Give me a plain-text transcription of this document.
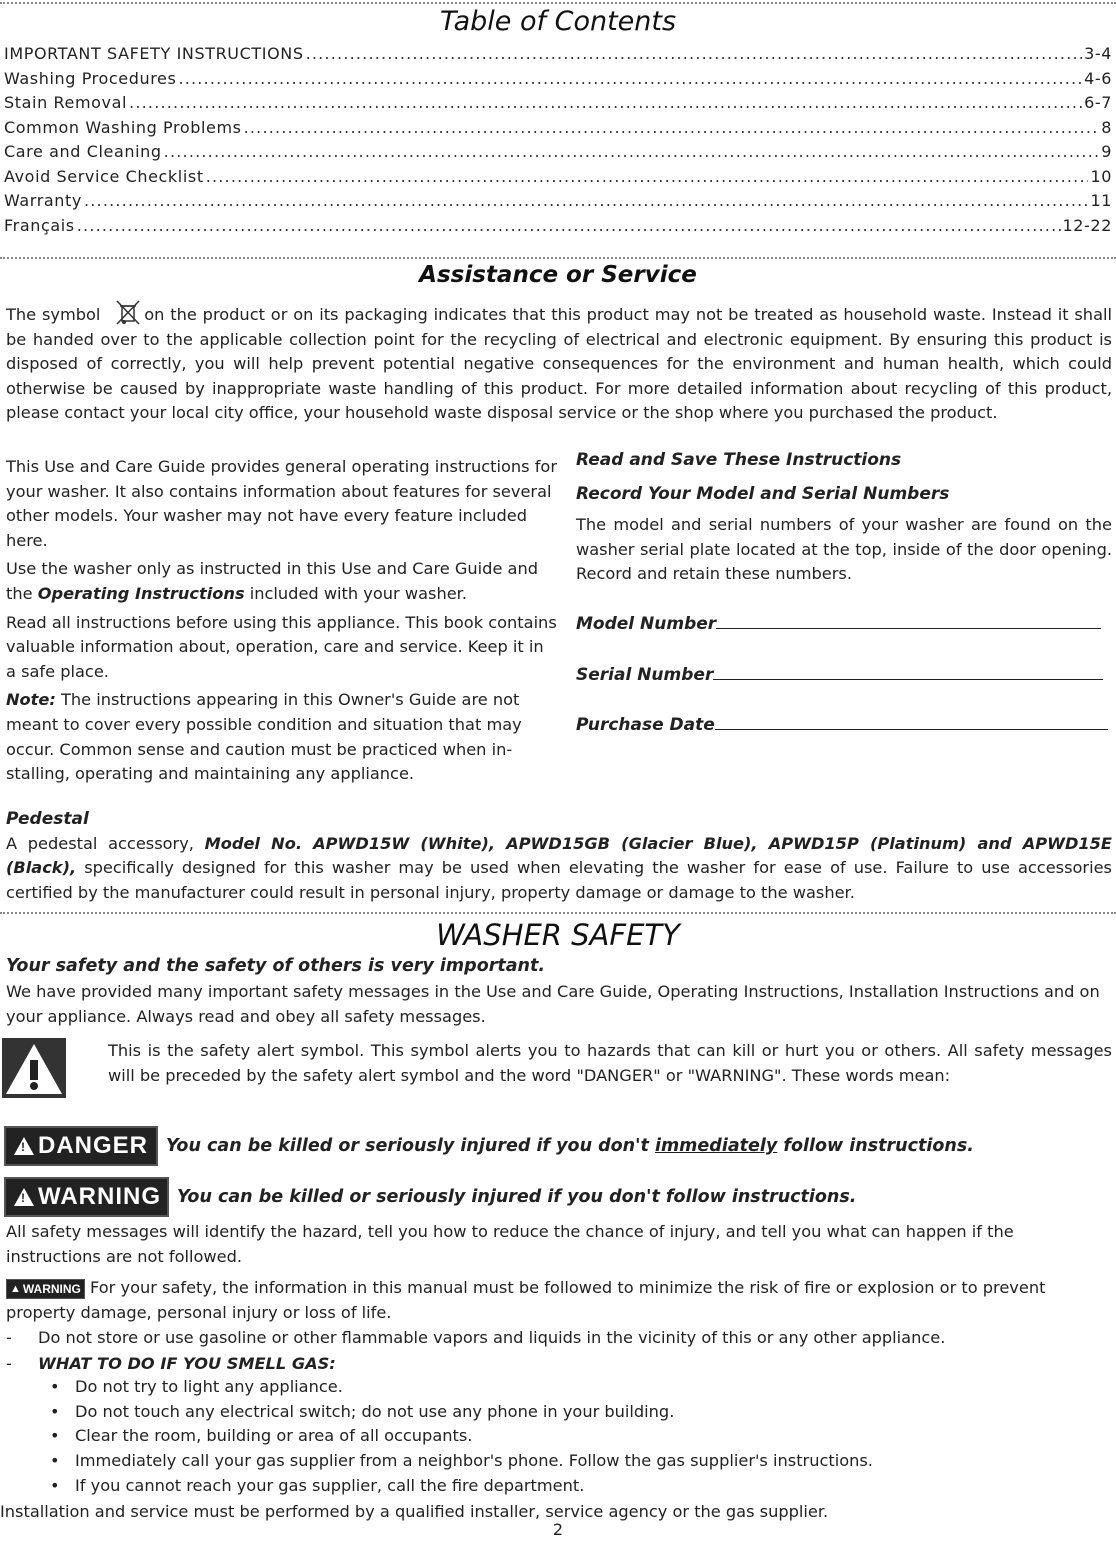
Table of Contents
IMPORTANT SAFETY INSTRUCTIONS .....	3-4
Washing Procedures .....	4-6
Stain Removal .....	6-7
Common Washing Problems .....	8
Care and Cleaning .....	9
Avoid Service Checklist .....	10
Warranty .....	11
Français .....	12-22
Assistance or Service
The symbol	on the product or on its packaging indicates that this product may not be treated as household waste. Instead it shall be handed over to the applicable collection point for the recycling of electrical and electronic equipment. By ensuring this product is disposed of correctly, you will help prevent potential negative consequences for the environment and human health, which could otherwise be caused by inappropriate waste handling of this product. For more detailed information about recycling of this product, please contact your local city office, your household waste disposal service or the shop where you purchased the product.

This Use and Care Guide provides general operating instructions for your washer. It also contains information about features for several other models. Your washer may not have every feature included here.

Use the washer only as instructed in this Use and Care Guide and the Operating Instructions included with your washer.

Read all instructions before using this appliance. This book contains valuable information about, operation, care and service. Keep it in a safe place.

Note: The instructions appearing in this Owner's Guide are not meant to cover every possible condition and situation that may occur. Common sense and caution must be practiced when in-stalling, operating and maintaining any appliance.

Read and Save These Instructions

Record Your Model and Serial Numbers

The model and serial numbers of your washer are found on the washer serial plate located at the top, inside of the door opening. Record and retain these numbers.

Model Number
Serial Number
Purchase Date

Pedestal

A pedestal accessory, Model No. APWD15W (White), APWD15GB (Glacier Blue), APWD15P (Platinum) and APWD15E (Black), specifically designed for this washer may be used when elevating the washer for ease of use. Failure to use accessories certified by the manufacturer could result in personal injury, property damage or damage to the washer.

WASHER SAFETY
Your safety and the safety of others is very important.
We have provided many important safety messages in the Use and Care Guide, Operating Instructions, Installation Instructions and on your appliance. Always read and obey all safety messages.
This is the safety alert symbol. This symbol alerts you to hazards that can kill or hurt you or others. All safety messages will be preceded by the safety alert symbol and the word "DANGER" or "WARNING". These words mean:
!
DANGER You can be killed or seriously injured if you don't immediately follow instructions.
!
WARNING You can be killed or seriously injured if you don't follow instructions.
All safety messages will identify the hazard, tell you how to reduce the chance of injury, and tell you what can happen if the instructions are not followed.
▲ WARNING For your safety, the information in this manual must be followed to minimize the risk of fire or explosion or to prevent property damage, personal injury or loss of life.
- Do not store or use gasoline or other flammable vapors and liquids in the vicinity of this or any other appliance.
- WHAT TO DO IF YOU SMELL GAS:
• Do not try to light any appliance.
• Do not touch any electrical switch; do not use any phone in your building.
• Clear the room, building or area of all occupants.
• Immediately call your gas supplier from a neighbor's phone. Follow the gas supplier's instructions.
• If you cannot reach your gas supplier, call the fire department.
Installation and service must be performed by a qualified installer, service agency or the gas supplier.
2
